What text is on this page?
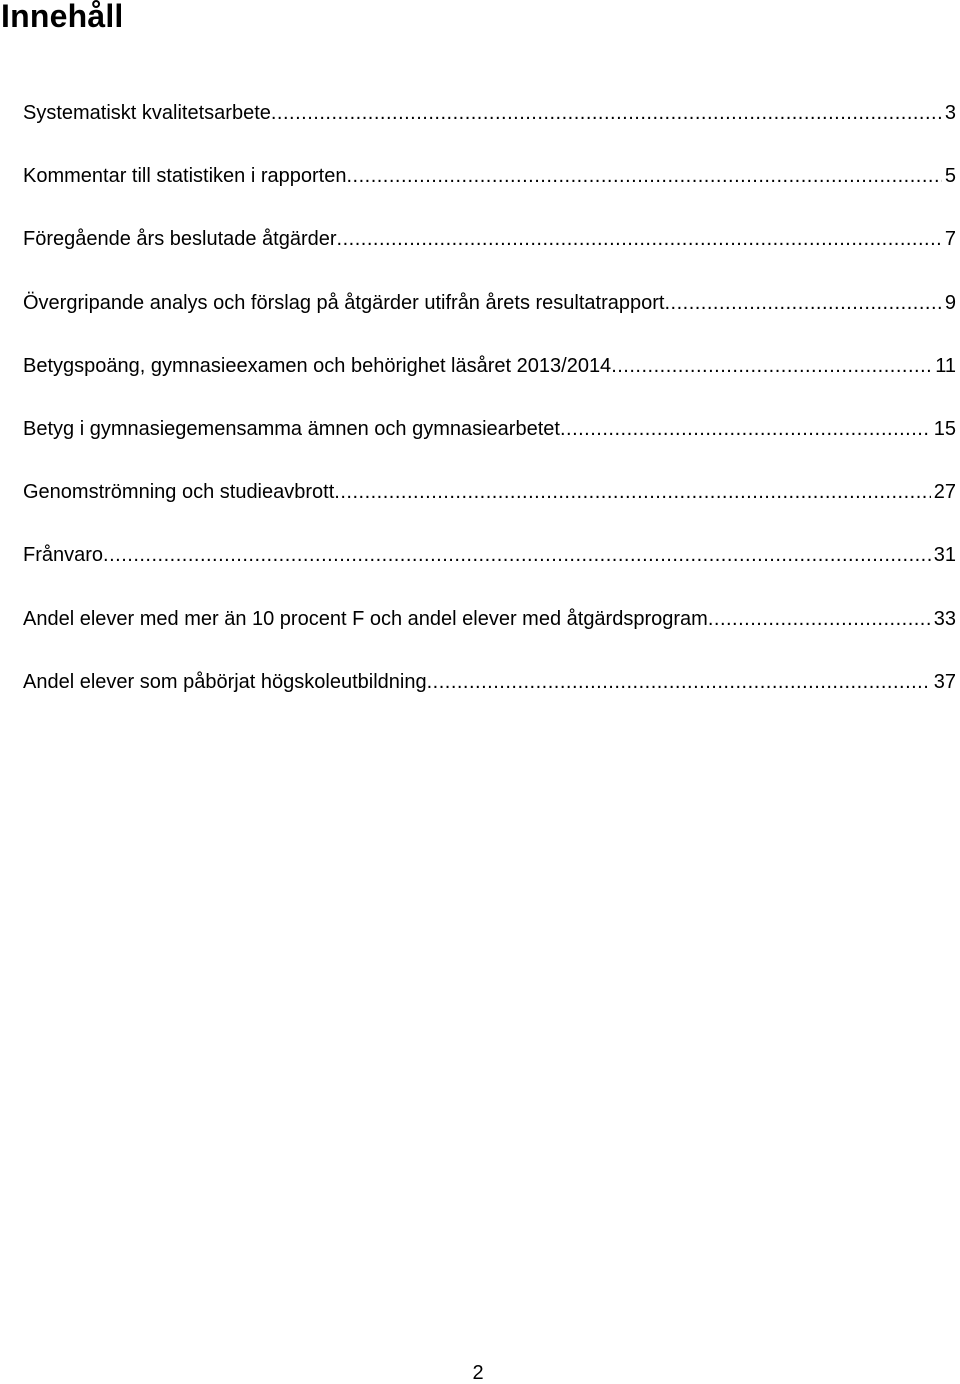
Innehåll
Systematiskt kvalitetsarbete .....	3
Kommentar till statistiken i rapporten .....	5
Föregående års beslutade åtgärder .....	7
Övergripande analys och förslag på åtgärder utifrån årets resultatrapport .....	9
Betygspoäng, gymnasieexamen och behörighet läsåret 2013/2014 .....	11
Betyg i gymnasiegemensamma ämnen och gymnasiearbetet .....	15
Genomströmning och studieavbrott .....	27
Frånvaro .....	31
Andel elever med mer än 10 procent F och andel elever med åtgärdsprogram .....	33
Andel elever som påbörjat högskoleutbildning .....	37
2
